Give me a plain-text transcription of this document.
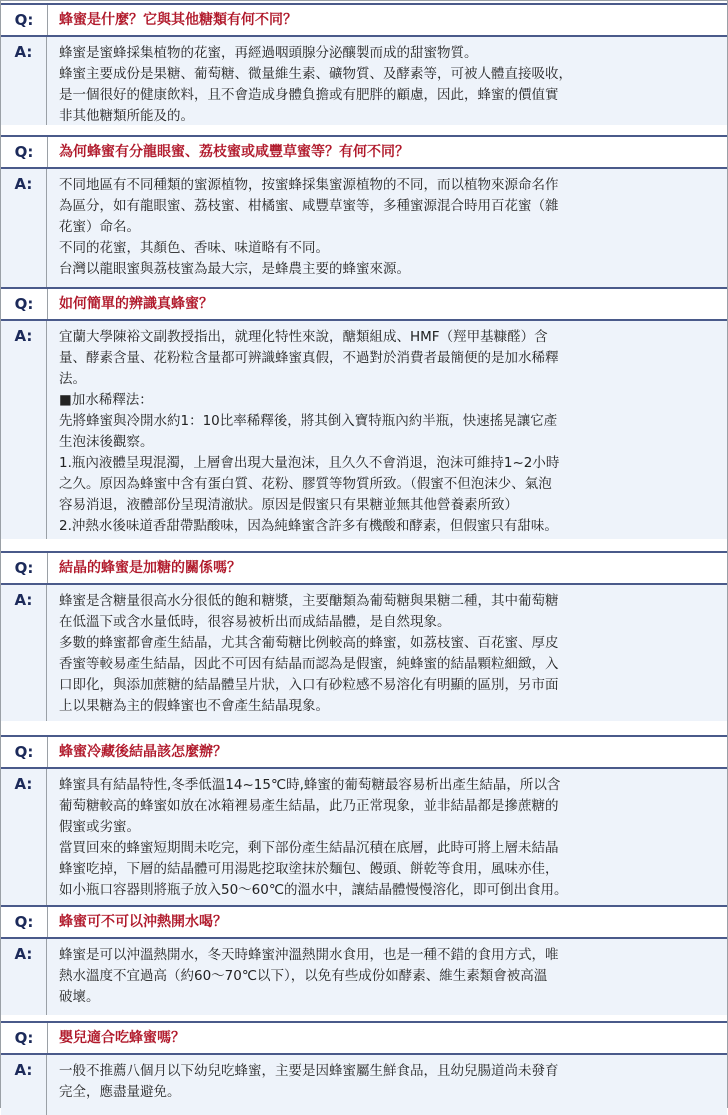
Q:	蜂蜜是什麼？它與其他糖類有何不同？
A:	蜂蜜是蜜蜂採集植物的花蜜，再經過咽頭腺分泌釀製而成的甜蜜物質。
蜂蜜主要成份是果糖、葡萄糖、微量維生素、礦物質、及酵素等，可被人體直接吸收，
是一個很好的健康飲料，且不會造成身體負擔或有肥胖的顧慮，因此，蜂蜜的價值實
非其他糖類所能及的。
Q:	為何蜂蜜有分龍眼蜜、荔枝蜜或咸豐草蜜等？有何不同？
A:	不同地區有不同種類的蜜源植物，按蜜蜂採集蜜源植物的不同，而以植物來源命名作
為區分，如有龍眼蜜、荔枝蜜、柑橘蜜、咸豐草蜜等，多種蜜源混合時用百花蜜（雜
花蜜）命名。
不同的花蜜，其顏色、香味、味道略有不同。
台灣以龍眼蜜與荔枝蜜為最大宗，是蜂農主要的蜂蜜來源。
Q:	如何簡單的辨識真蜂蜜？
A:	宜蘭大學陳裕文副教授指出，就理化特性來說，醣類組成、HMF（羥甲基糠醛）含
量、酵素含量、花粉粒含量都可辨識蜂蜜真假，不過對於消費者最簡便的是加水稀釋
法。
■加水稀釋法：
先將蜂蜜與冷開水約1：10比率稀釋後，將其倒入寶特瓶內約半瓶，快速搖晃讓它產
生泡沫後觀察。
1.瓶內液體呈現混濁，上層會出現大量泡沫，且久久不會消退，泡沫可維持1~2小時
之久。原因為蜂蜜中含有蛋白質、花粉、膠質等物質所致。（假蜜不但泡沫少、氣泡
容易消退，液體部份呈現清澈狀。原因是假蜜只有果糖並無其他營養素所致）
2.沖熱水後味道香甜帶點酸味，因為純蜂蜜含許多有機酸和酵素，但假蜜只有甜味。
Q:	結晶的蜂蜜是加糖的關係嗎？
A:	蜂蜜是含糖量很高水分很低的飽和糖漿，主要醣類為葡萄糖與果糖二種，其中葡萄糖
在低溫下或含水量低時，很容易被析出而成結晶體，是自然現象。
多數的蜂蜜都會產生結晶，尤其含葡萄糖比例較高的蜂蜜，如荔枝蜜、百花蜜、厚皮
香蜜等較易產生結晶，因此不可因有結晶而認為是假蜜，純蜂蜜的結晶顆粒細緻，入
口即化，與添加蔗糖的結晶體呈片狀，入口有砂粒感不易溶化有明顯的區別，另市面
上以果糖為主的假蜂蜜也不會產生結晶現象。
Q:	蜂蜜冷藏後結晶該怎麼辦？
A:	蜂蜜具有結晶特性,冬季低溫14~15℃時,蜂蜜的葡萄糖最容易析出產生結晶，所以含
葡萄糖較高的蜂蜜如放在冰箱裡易產生結晶，此乃正常現象，並非結晶都是摻蔗糖的
假蜜或劣蜜。
當買回來的蜂蜜短期間未吃完，剩下部份產生結晶沉積在底層，此時可將上層未結晶
蜂蜜吃掉，下層的結晶體可用湯匙挖取塗抹於麵包、饅頭、餅乾等食用，風味亦佳，
如小瓶口容器則將瓶子放入50～60℃的溫水中，讓結晶體慢慢溶化，即可倒出食用。
Q:	蜂蜜可不可以沖熱開水喝？
A:	蜂蜜是可以沖溫熱開水，冬天時蜂蜜沖溫熱開水食用，也是一種不錯的食用方式，唯
熱水溫度不宜過高（約60～70℃以下），以免有些成份如酵素、維生素類會被高溫
破壞。
Q:	嬰兒適合吃蜂蜜嗎？
A:	一般不推薦八個月以下幼兒吃蜂蜜，主要是因蜂蜜屬生鮮食品，且幼兒腸道尚未發育
完全，應盡量避免。
